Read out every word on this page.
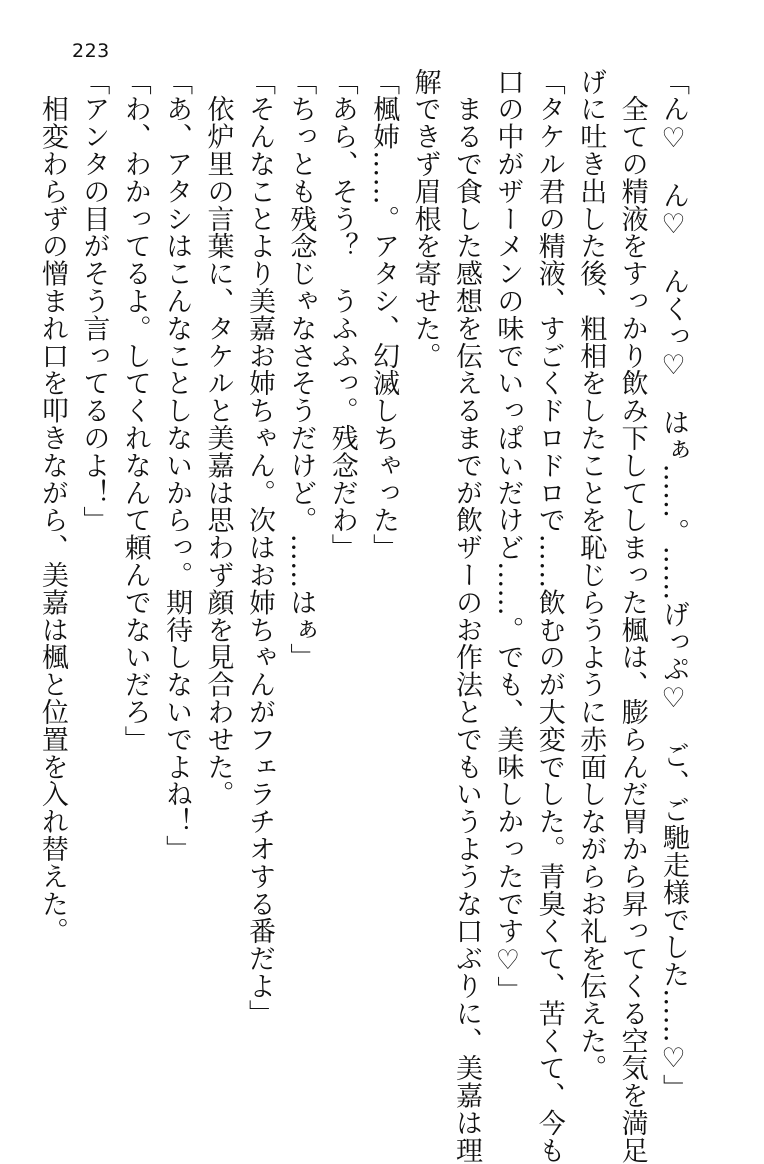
223
「ん♡　ん♡　んくっ♡　はぁ……。……げっぷ♡　ご、ご馳走様でした……♡」
　全ての精液をすっかり飲み下してしまった楓は、膨らんだ胃から昇ってくる空気を満足
げに吐き出した後、粗相をしたことを恥じらうように赤面しながらお礼を伝えた。
「タケル君の精液、すごくドロドロで……飲むのが大変でした。青臭くて、苦くて、今も
口の中がザーメンの味でいっぱいだけど……。でも、美味しかったです♡」
　まるで食した感想を伝えるまでが飲ザーのお作法とでもいうような口ぶりに、美嘉は理
解できず眉根を寄せた。
「楓姉……。アタシ、幻滅しちゃった」
「あら、そう？　うふふっ。残念だわ」
「ちっとも残念じゃなさそうだけど。……はぁ」
「そんなことより美嘉お姉ちゃん。次はお姉ちゃんがフェラチオする番だよ」
　依炉里の言葉に、タケルと美嘉は思わず顔を見合わせた。
「あ、アタシはこんなことしないからっ。期待しないでよね！」
「わ、わかってるよ。してくれなんて頼んでないだろ」
「アンタの目がそう言ってるのよ！」
　相変わらずの憎まれ口を叩きながら、美嘉は楓と位置を入れ替えた。
